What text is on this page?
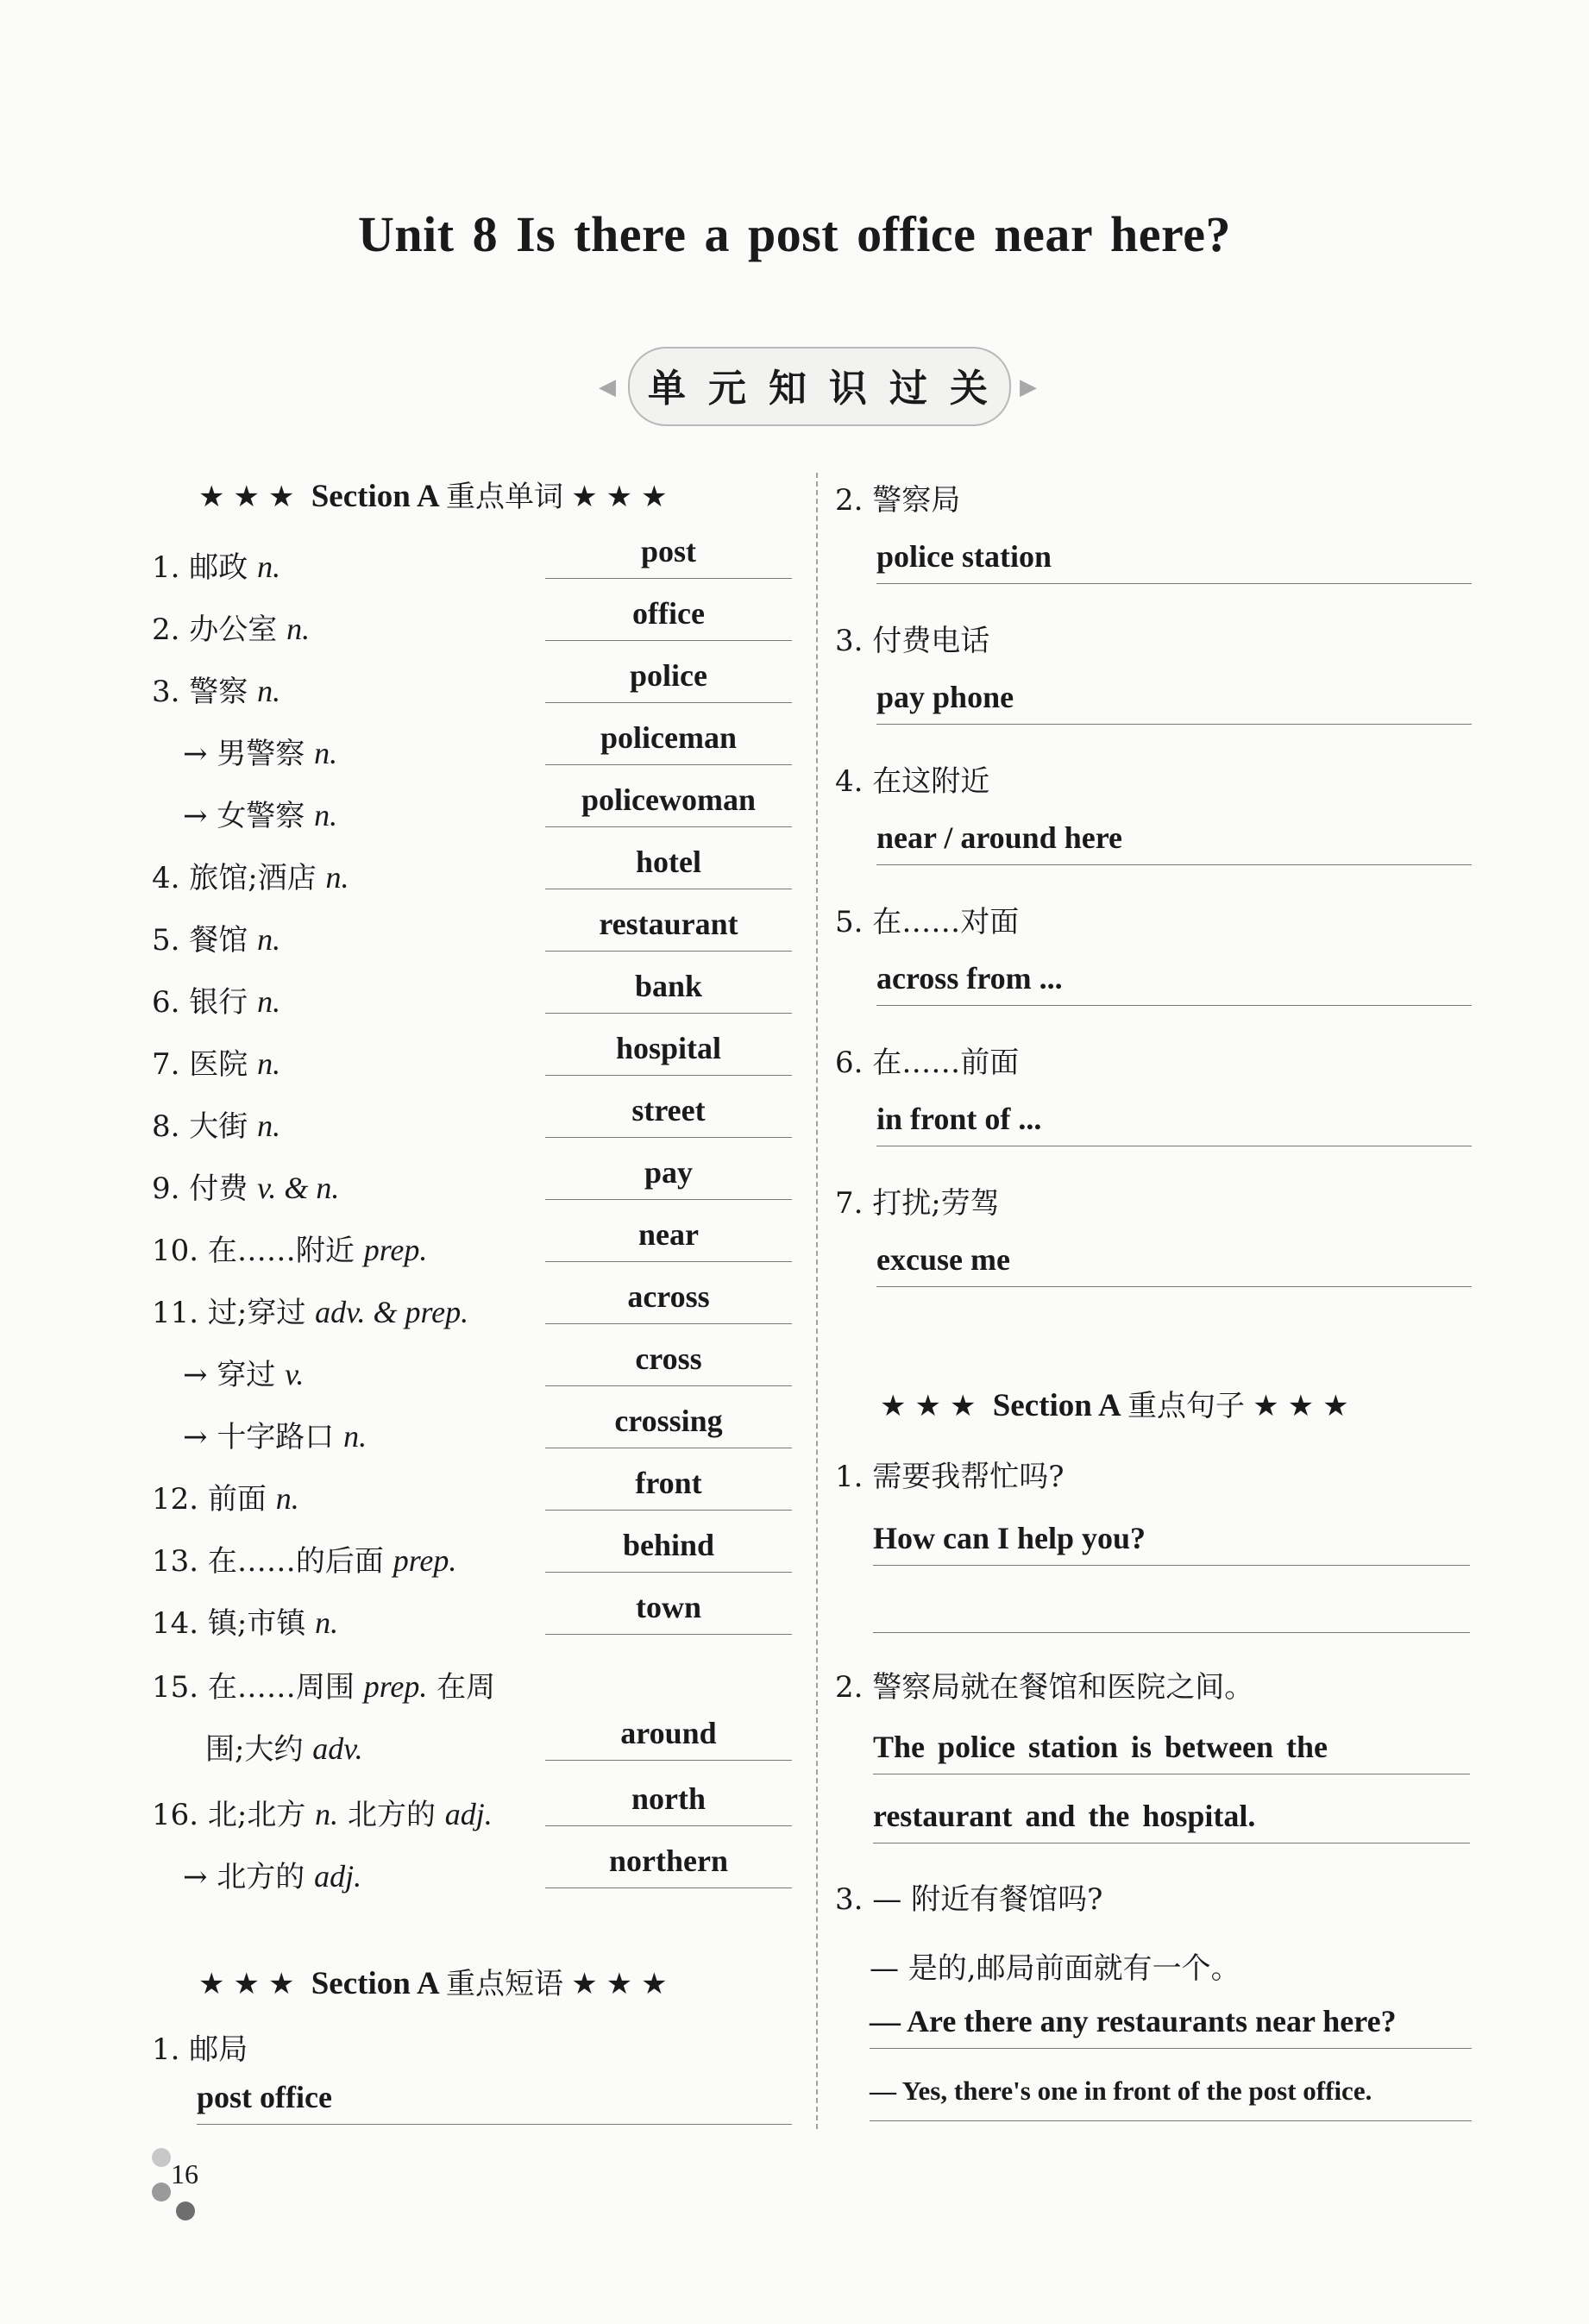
Unit 8 Is there a post office near here?
◀	▶
单元知识过关
★★★ Section A 重点单词 ★★★
1. 邮政 n.	post
2. 办公室 n.	office
3. 警察 n.	police
→ 男警察 n.	policeman
→ 女警察 n.	policewoman
4. 旅馆;酒店 n.	hotel
5. 餐馆 n.	restaurant
6. 银行 n.	bank
7. 医院 n.	hospital
8. 大街 n.	street
9. 付费 v. & n.	pay
10. 在……附近 prep.	near
11. 过;穿过 adv. & prep.	across
→ 穿过 v.	cross
→ 十字路口 n.	crossing
12. 前面 n.	front
13. 在……的后面 prep.	behind
14. 镇;市镇 n.	town
15. 在……周围 prep. 在周
围;大约 adv.	around
16. 北;北方 n. 北方的 adj.	north
→ 北方的 adj.	northern
★★★ Section A 重点短语 ★★★
1. 邮局
post office
2. 警察局
police station
3. 付费电话
pay phone
4. 在这附近
near / around here
5. 在……对面
across from ...
6. 在……前面
in front of ...
7. 打扰;劳驾
excuse me
★★★ Section A 重点句子 ★★★
1. 需要我帮忙吗?
How can I help you?
2. 警察局就在餐馆和医院之间。
The police station is between the
restaurant and the hospital.
3. — 附近有餐馆吗?
— 是的,邮局前面就有一个。
— Are there any restaurants near here?
— Yes, there's one in front of the post office.
16
